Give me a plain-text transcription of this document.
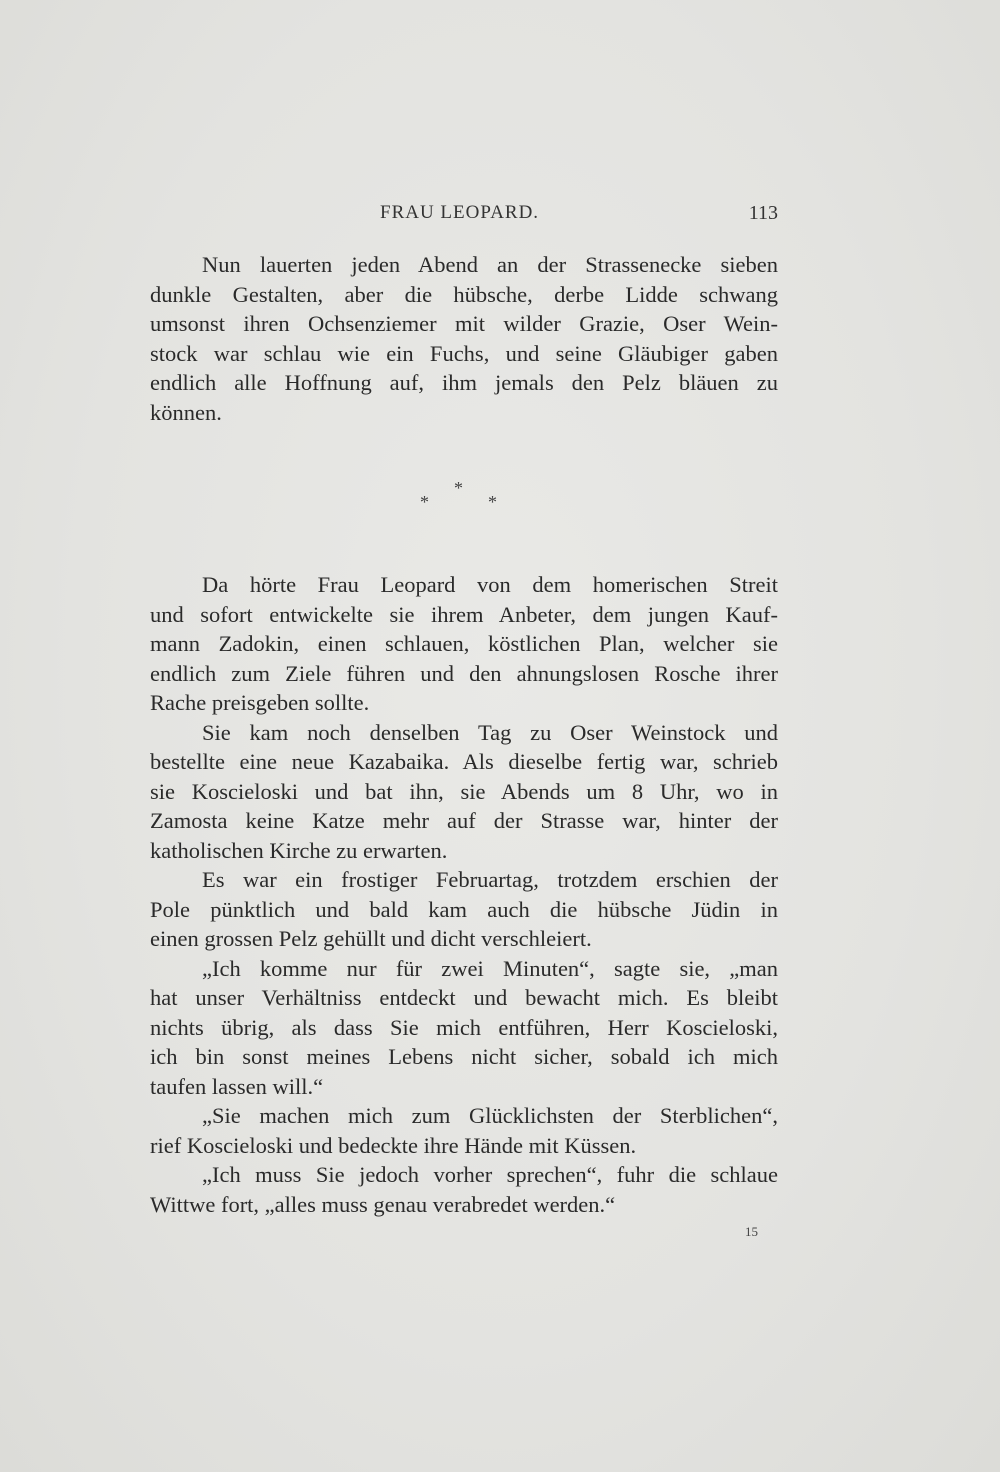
FRAU LEOPARD.	113
Nun lauerten jeden Abend an der Strassenecke sieben
dunkle Gestalten, aber die hübsche, derbe Lidde schwang
umsonst ihren Ochsenziemer mit wilder Grazie, Oser Wein-
stock war schlau wie ein Fuchs, und seine Gläubiger gaben
endlich alle Hoffnung auf, ihm jemals den Pelz bläuen zu
können.
*
*	*
Da hörte Frau Leopard von dem homerischen Streit
und sofort entwickelte sie ihrem Anbeter, dem jungen Kauf-
mann Zadokin, einen schlauen, köstlichen Plan, welcher sie
endlich zum Ziele führen und den ahnungslosen Rosche ihrer
Rache preisgeben sollte.
Sie kam noch denselben Tag zu Oser Weinstock und
bestellte eine neue Kazabaika. Als dieselbe fertig war, schrieb
sie Koscieloski und bat ihn, sie Abends um 8 Uhr, wo in
Zamosta keine Katze mehr auf der Strasse war, hinter der
katholischen Kirche zu erwarten.
Es war ein frostiger Februartag, trotzdem erschien der
Pole pünktlich und bald kam auch die hübsche Jüdin in
einen grossen Pelz gehüllt und dicht verschleiert.
„Ich komme nur für zwei Minuten“, sagte sie, „man
hat unser Verhältniss entdeckt und bewacht mich. Es bleibt
nichts übrig, als dass Sie mich entführen, Herr Koscieloski,
ich bin sonst meines Lebens nicht sicher, sobald ich mich
taufen lassen will.“
„Sie machen mich zum Glücklichsten der Sterblichen“,
rief Koscieloski und bedeckte ihre Hände mit Küssen.
„Ich muss Sie jedoch vorher sprechen“, fuhr die schlaue
Wittwe fort, „alles muss genau verabredet werden.“
15
